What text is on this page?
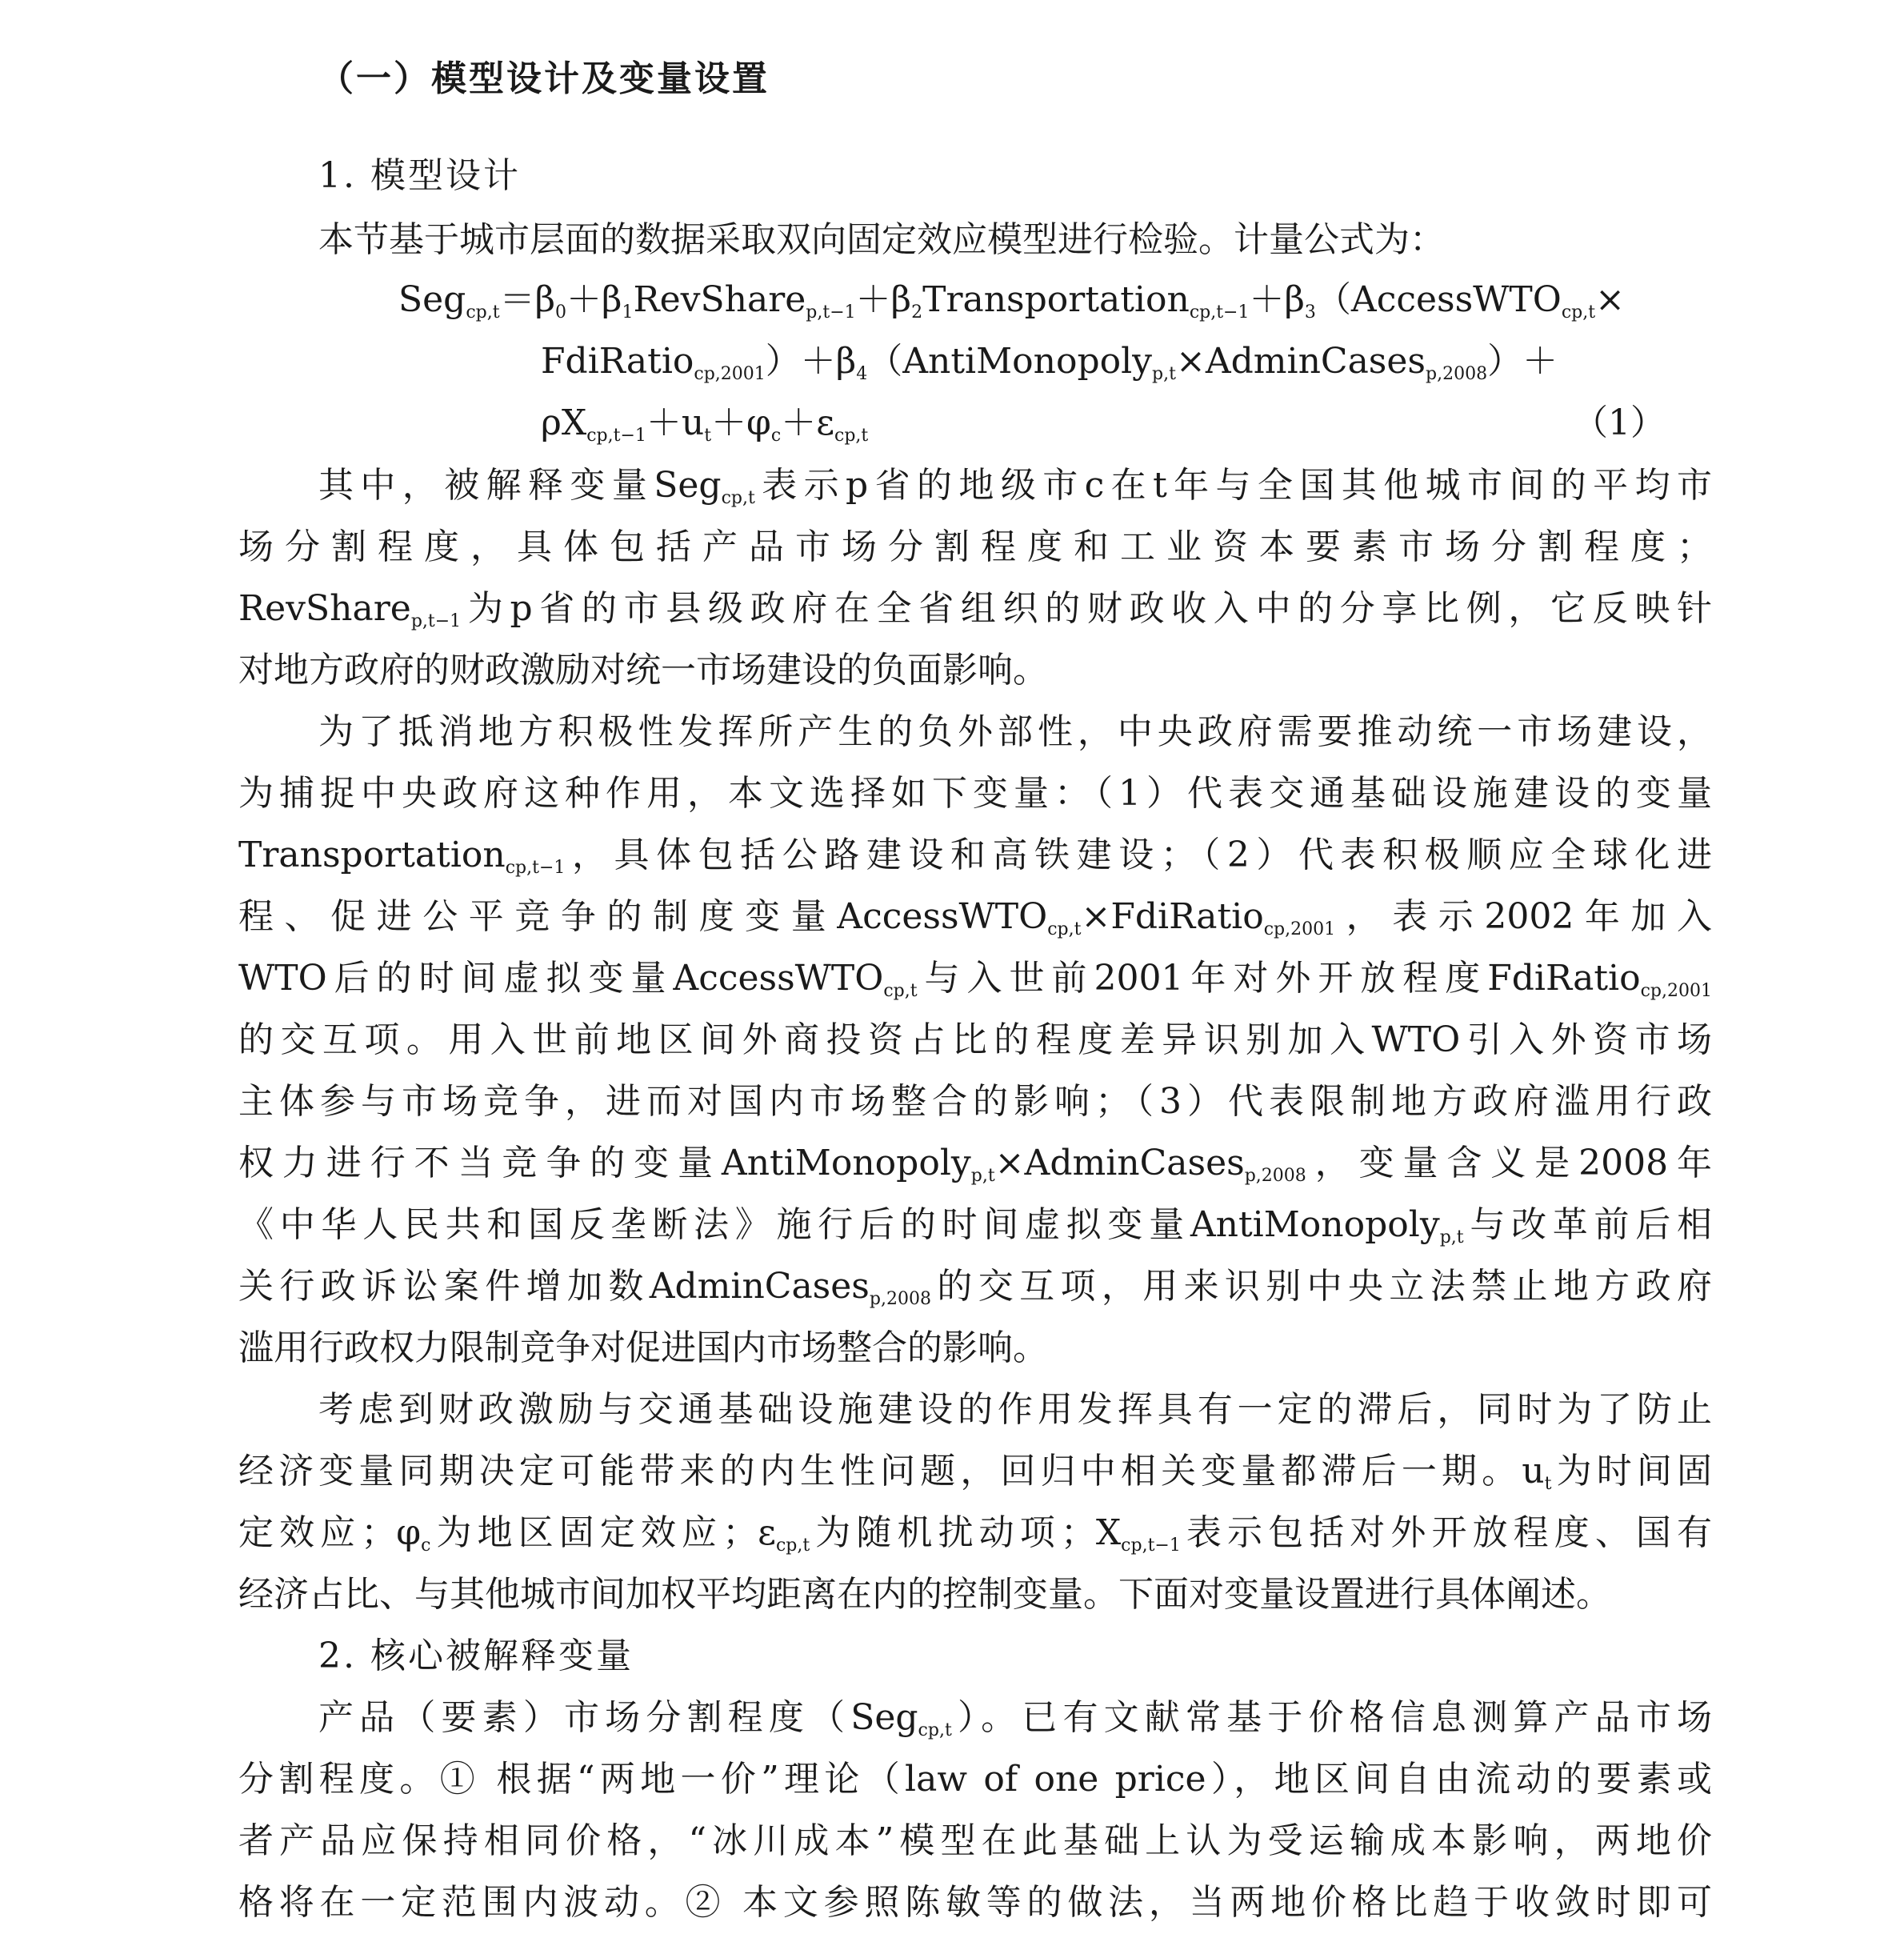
（一）模型设计及变量设置
1. 模型设计
本节基于城市层面的数据采取双向固定效应模型进行检验。计量公式为：
$Seg_{cp,t}=\beta_0+\beta_1RevShare_{p,t-1}+\beta_2Transportation_{cp,t-1}+\beta_3(AccessWTO_{cp,t}\times$
$FdiRatio_{cp,2001})+\beta_4(AntiMonopoly_{p,t}\times AdminCases_{p,2008})+$
$\rho X_{cp,t-1}+u_t+\varphi_c+\varepsilon_{cp,t}$	（1）
其中，被解释变量Seg$_{cp,t}$表示p省的地级市c在t年与全国其他城市间的平均市
场分割程度，具体包括产品市场分割程度和工业资本要素市场分割程度；
RevShare$_{p,t-1}$为p省的市县级政府在全省组织的财政收入中的分享比例，它反映针
对地方政府的财政激励对统一市场建设的负面影响。
为了抵消地方积极性发挥所产生的负外部性，中央政府需要推动统一市场建设，
为捕捉中央政府这种作用，本文选择如下变量：（1）代表交通基础设施建设的变量
Transportation$_{cp,t-1}$，具体包括公路建设和高铁建设；（2）代表积极顺应全球化进
程、促进公平竞争的制度变量AccessWTO$_{cp,t}$×FdiRatio$_{cp,2001}$，表示2002年加入
WTO后的时间虚拟变量AccessWTO$_{cp,t}$与入世前2001年对外开放程度FdiRatio$_{cp,2001}$
的交互项。用入世前地区间外商投资占比的程度差异识别加入WTO引入外资市场
主体参与市场竞争，进而对国内市场整合的影响；（3）代表限制地方政府滥用行政
权力进行不当竞争的变量AntiMonopoly$_{p,t}$×AdminCases$_{p,2008}$，变量含义是2008年
《中华人民共和国反垄断法》施行后的时间虚拟变量AntiMonopoly$_{p,t}$与改革前后相
关行政诉讼案件增加数AdminCases$_{p,2008}$的交互项，用来识别中央立法禁止地方政府
滥用行政权力限制竞争对促进国内市场整合的影响。
考虑到财政激励与交通基础设施建设的作用发挥具有一定的滞后，同时为了防止
经济变量同期决定可能带来的内生性问题，回归中相关变量都滞后一期。$u_t$为时间固
定效应；$\varphi_c$为地区固定效应；$\varepsilon_{cp,t}$为随机扰动项；$X_{cp,t-1}$表示包括对外开放程度、国有
经济占比、与其他城市间加权平均距离在内的控制变量。下面对变量设置进行具体阐述。
2. 核心被解释变量
产品（要素）市场分割程度（Seg$_{cp,t}$）。已有文献常基于价格信息测算产品市场
分割程度。① 根据“两地一价”理论（law of one price），地区间自由流动的要素或
者产品应保持相同价格，“冰川成本”模型在此基础上认为受运输成本影响，两地价
格将在一定范围内波动。② 本文参照陈敏等的做法，当两地价格比趋于收敛时即可
